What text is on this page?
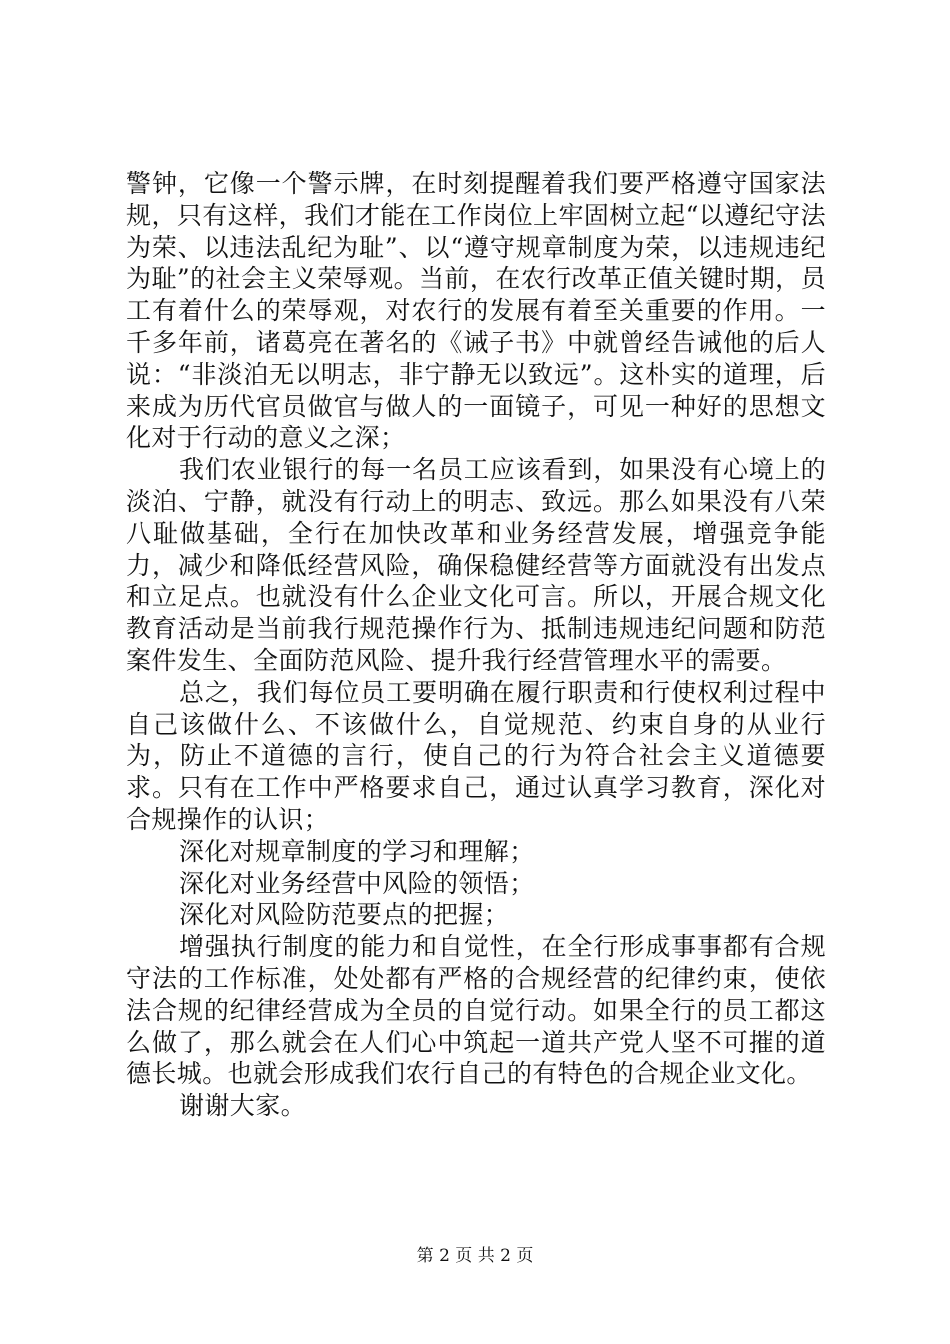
警钟，它像一个警示牌，在时刻提醒着我们要严格遵守国家法规，只有这样，我们才能在工作岗位上牢固树立起“以遵纪守法为荣、以违法乱纪为耻”、以“遵守规章制度为荣，以违规违纪为耻”的社会主义荣辱观。当前，在农行改革正值关键时期，员工有着什么的荣辱观，对农行的发展有着至关重要的作用。一千多年前，诸葛亮在著名的《诫子书》中就曾经告诫他的后人说：“非淡泊无以明志，非宁静无以致远”。这朴实的道理，后来成为历代官员做官与做人的一面镜子，可见一种好的思想文化对于行动的意义之深；

我们农业银行的每一名员工应该看到，如果没有心境上的淡泊、宁静，就没有行动上的明志、致远。那么如果没有八荣八耻做基础，全行在加快改革和业务经营发展，增强竞争能力，减少和降低经营风险，确保稳健经营等方面就没有出发点和立足点。也就没有什么企业文化可言。所以，开展合规文化教育活动是当前我行规范操作行为、抵制违规违纪问题和防范案件发生、全面防范风险、提升我行经营管理水平的需要。

总之，我们每位员工要明确在履行职责和行使权利过程中自己该做什么、不该做什么，自觉规范、约束自身的从业行为，防止不道德的言行，使自己的行为符合社会主义道德要求。只有在工作中严格要求自己，通过认真学习教育，深化对合规操作的认识；

深化对规章制度的学习和理解；

深化对业务经营中风险的领悟；

深化对风险防范要点的把握；

增强执行制度的能力和自觉性，在全行形成事事都有合规守法的工作标准，处处都有严格的合规经营的纪律约束，使依法合规的纪律经营成为全员的自觉行动。如果全行的员工都这么做了，那么就会在人们心中筑起一道共产党人坚不可摧的道德长城。也就会形成我们农行自己的有特色的合规企业文化。

谢谢大家。

第 2 页 共 2 页
